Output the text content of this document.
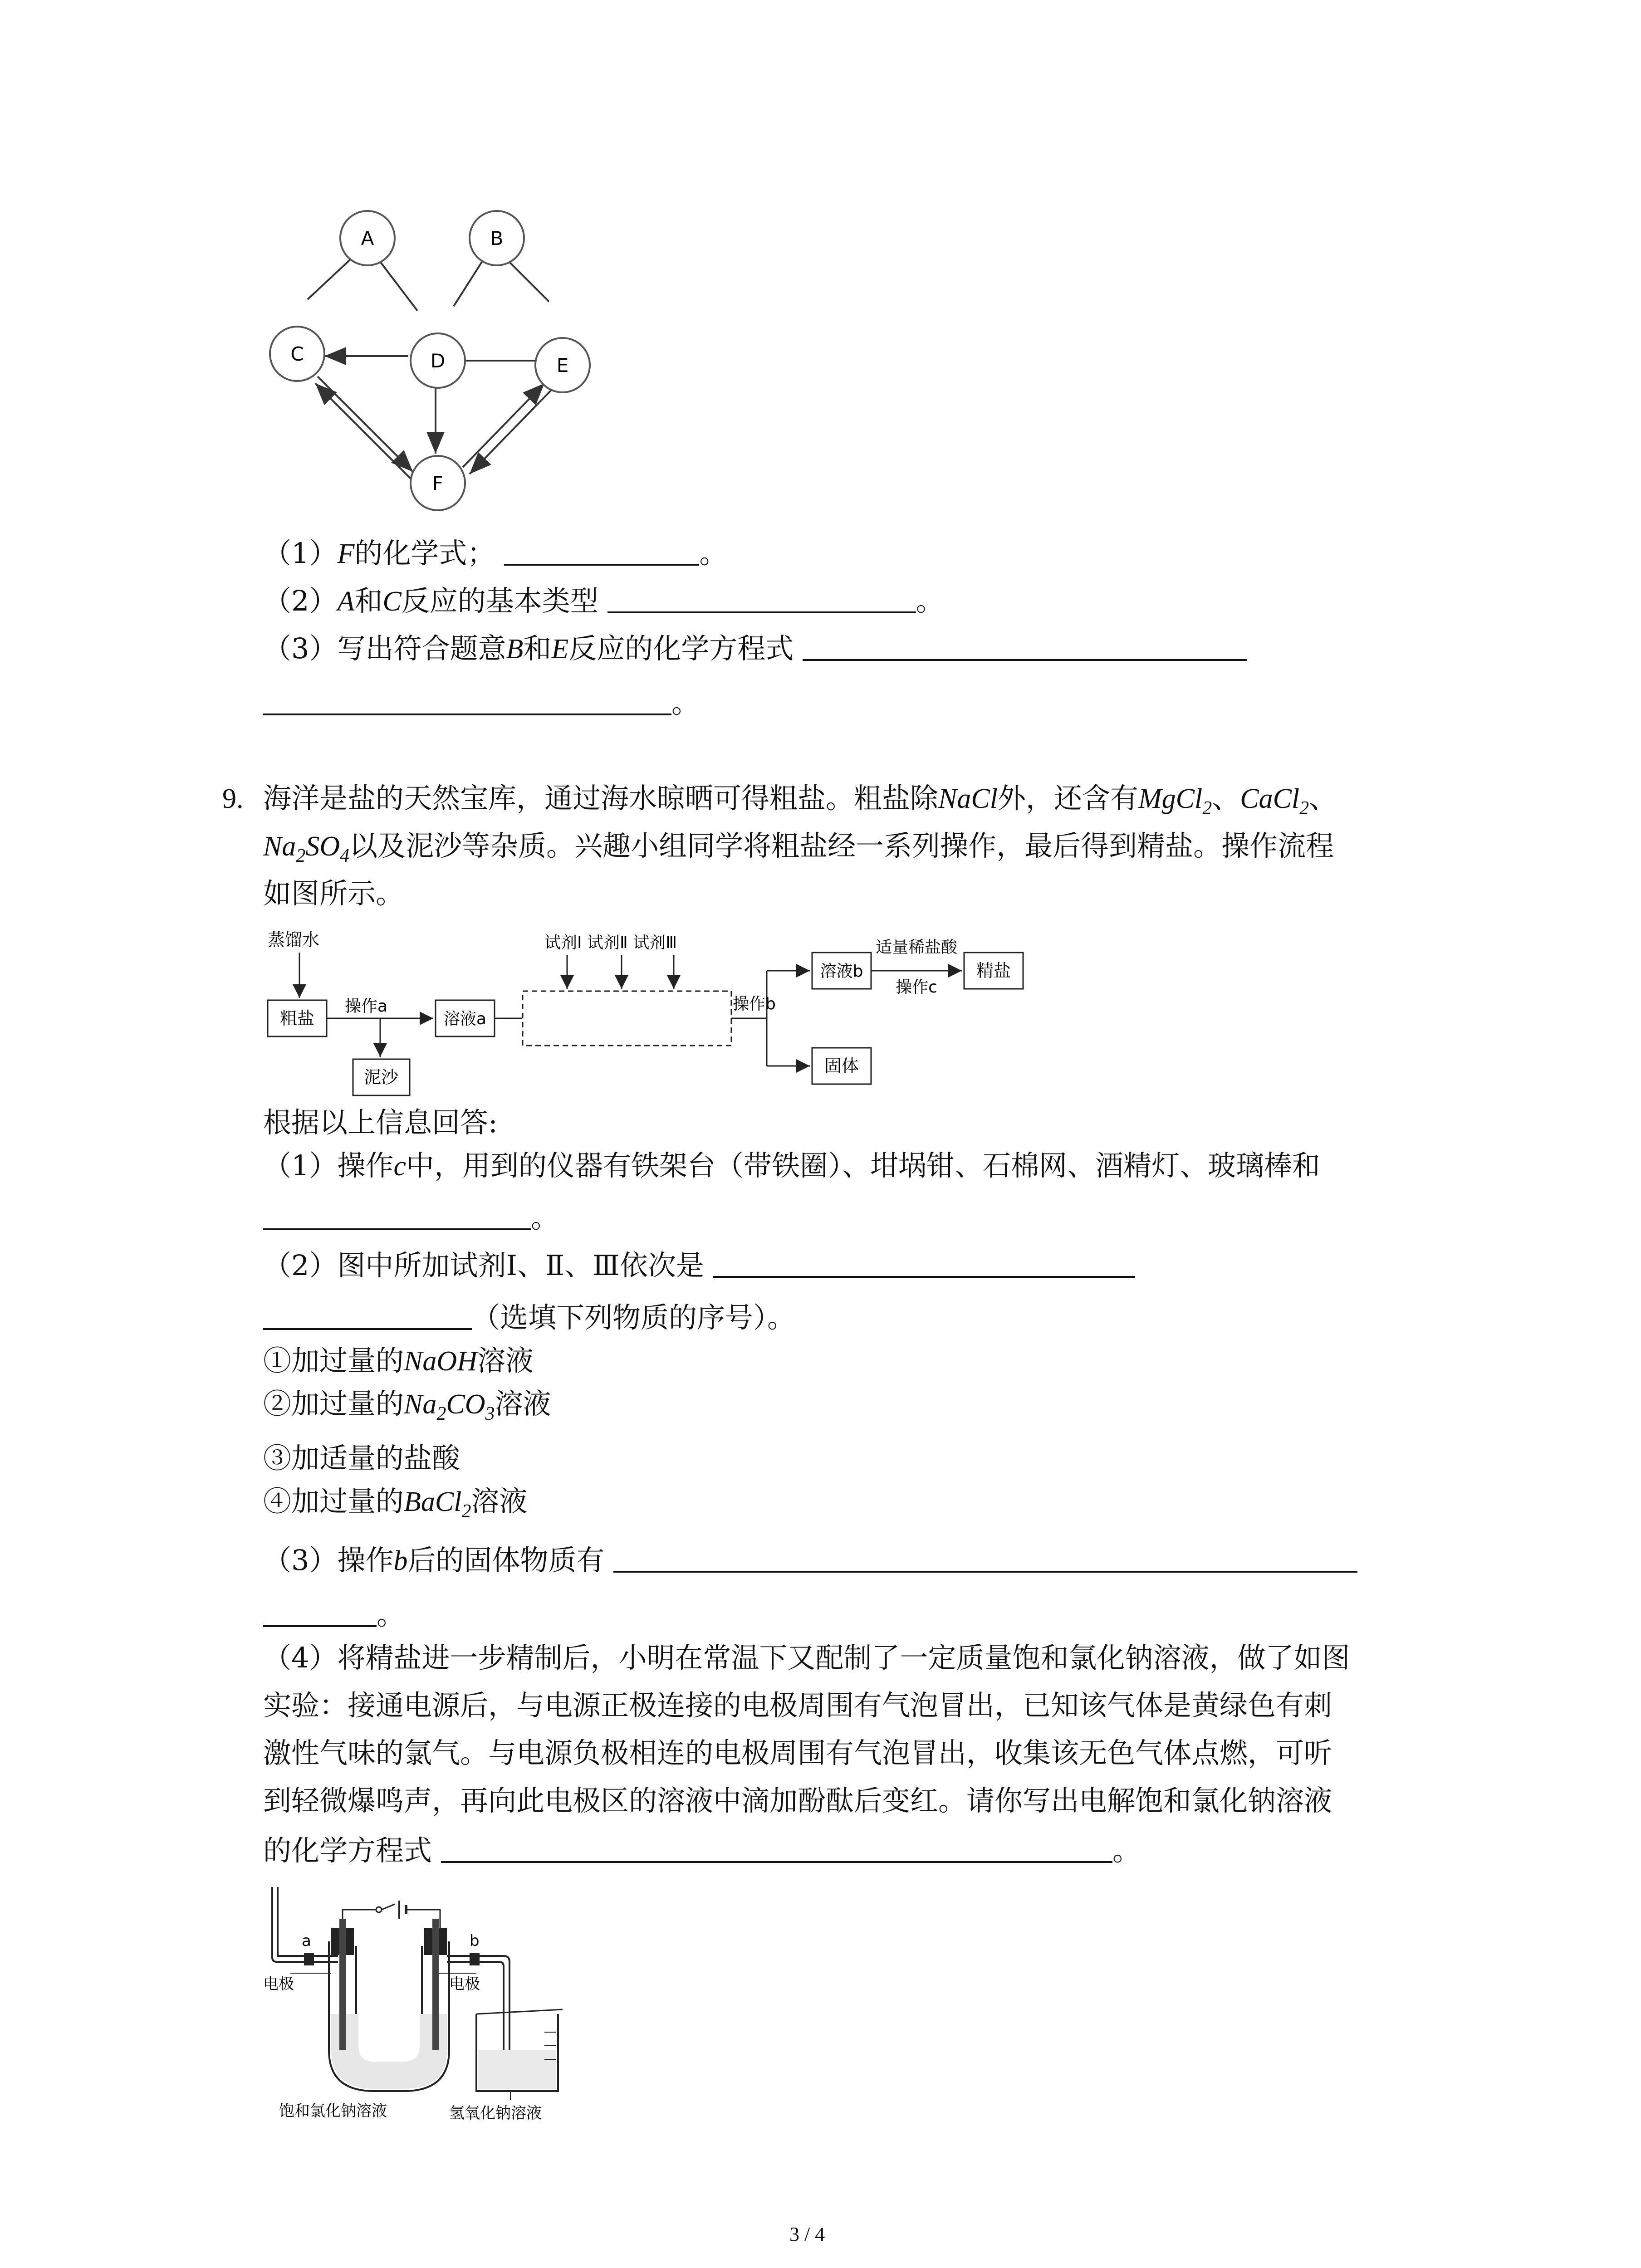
A	B
C	D	E
F
（1）F的化学式；	。
（2）A和C反应的基本类型	。
（3）写出符合题意B和E反应的化学方程式
。
9. 海洋是盐的天然宝库，通过海水晾晒可得粗盐。粗盐除NaCl外，还含有MgCl$_2$、CaCl$_2$、
$Na_2SO_4$以及泥沙等杂质。兴趣小组同学将粗盐经一系列操作，最后得到精盐。操作流程
如图所示。
蒸馏水
粗盐
操作a
泥沙
溶液a
试剂Ⅰ 试剂Ⅱ 试剂Ⅲ
操作b
溶液b
固体
适量稀盐酸
操作c
精盐
根据以上信息回答:
（1）操作c中，用到的仪器有铁架台（带铁圈）、坩埚钳、石棉网、酒精灯、玻璃棒和
。
（2）图中所加试剂Ⅰ、Ⅱ、Ⅲ依次是
（选填下列物质的序号）。
①加过量的NaOH溶液
②加过量的$Na_2CO_3$溶液
③加适量的盐酸
④加过量的BaCl$_2$溶液
（3）操作b后的固体物质有
。
（4）将精盐进一步精制后，小明在常温下又配制了一定质量饱和氯化钠溶液，做了如图
实验：接通电源后，与电源正极连接的电极周围有气泡冒出，已知该气体是黄绿色有刺
激性气味的氯气。与电源负极相连的电极周围有气泡冒出，收集该无色气体点燃，可听
到轻微爆鸣声，再向此电极区的溶液中滴加酚酞后变红。请你写出电解饱和氯化钠溶液
的化学方程式	。
a	b
电极	电极
饱和氯化钠溶液	氢氧化钠溶液
3 / 4
